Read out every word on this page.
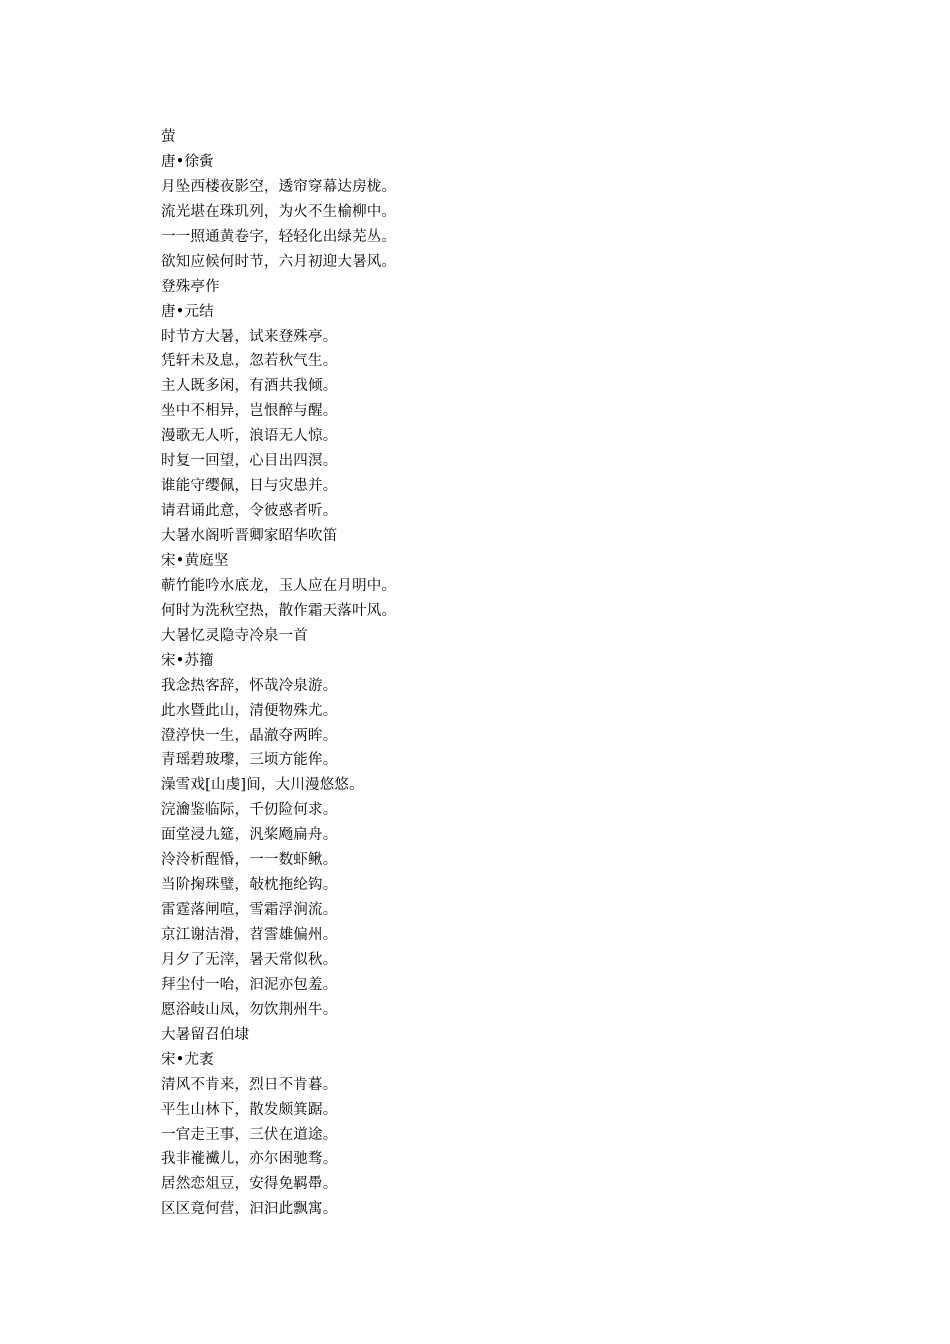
萤
唐•徐夤
月坠西楼夜影空，透帘穿幕达房栊。
流光堪在珠玑列，为火不生榆柳中。
一一照通黄卷字，轻轻化出绿芜丛。
欲知应候何时节，六月初迎大暑风。
登殊亭作
唐•元结
时节方大暑，试来登殊亭。
凭轩未及息，忽若秋气生。
主人既多闲，有酒共我倾。
坐中不相异，岂恨醉与醒。
漫歌无人听，浪语无人惊。
时复一回望，心目出四溟。
谁能守缨佩，日与灾患并。
请君诵此意，令彼惑者听。
大暑水阁听晋卿家昭华吹笛
宋•黄庭坚
蕲竹能吟水底龙，玉人应在月明中。
何时为洗秋空热，散作霜天落叶风。
大暑忆灵隐寺冷泉一首
宋•苏籀
我念热客辞，怀哉冷泉游。
此水暨此山，清便物殊尤。
澄渟快一生，晶澈夺两眸。
青瑶碧玻瓈，三顷方能侔。
澡雪戏[山虔]间，大川漫悠悠。
浣瀹鉴临际，千仞险何求。
面堂浸九筵，汎桨飏扁舟。
泠泠析酲惛，一一数虾鳅。
当阶掬珠璧，敧枕拖纶钩。
雷霆落闸喧，雪霜浮涧流。
京江谢洁滑，苕霅雄偏州。
月夕了无滓，暑天常似秋。
拜尘付一咍，汩泥亦包羞。
愿浴岐山凤，勿饮荆州牛。
大暑留召伯埭
宋•尤袤
清风不肯来，烈日不肯暮。
平生山林下，散发颇箕踞。
一官走王事，三伏在道途。
我非褦襶儿，亦尔困驰骛。
居然恋俎豆，安得免羁馽。
区区竟何营，汩汩此飘寓。
